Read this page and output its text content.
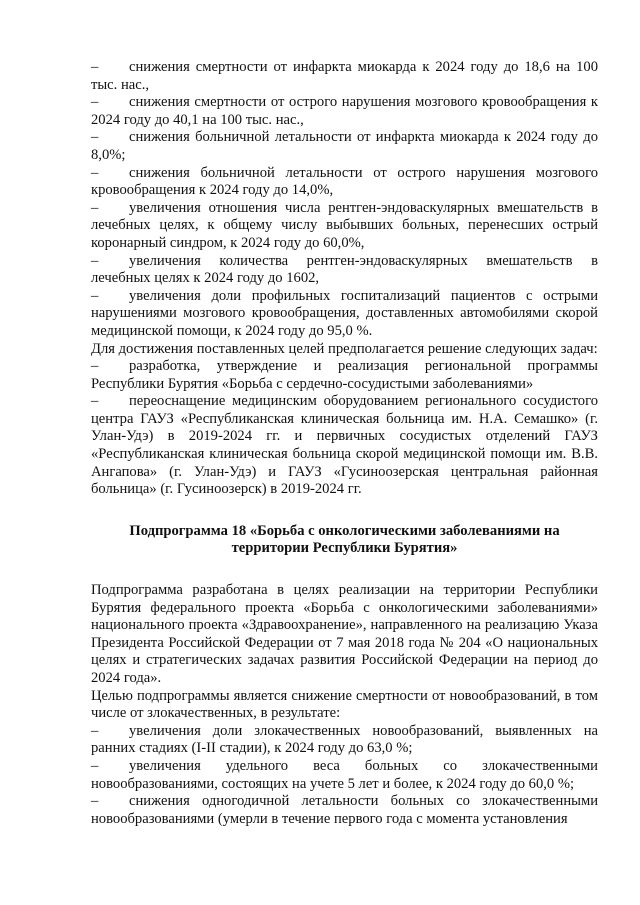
– снижения смертности от инфаркта миокарда к 2024 году до 18,6 на 100 тыс. нас.,

– снижения смертности от острого нарушения мозгового кровообращения к 2024 году до 40,1 на 100 тыс. нас.,

– снижения больничной летальности от инфаркта миокарда к 2024 году до 8,0%;

– снижения больничной летальности от острого нарушения мозгового кровообращения к 2024 году до 14,0%,

– увеличения отношения числа рентген-эндоваскулярных вмешательств в лечебных целях, к общему числу выбывших больных, перенесших острый коронарный синдром, к 2024 году до 60,0%,

– увеличения количества рентген-эндоваскулярных вмешательств в лечебных целях к 2024 году до 1602,

– увеличения доли профильных госпитализаций пациентов с острыми нарушениями мозгового кровообращения, доставленных автомобилями скорой медицинской помощи, к 2024 году до 95,0 %.

Для достижения поставленных целей предполагается решение следующих задач:

– разработка, утверждение и реализация региональной программы Республики Бурятия «Борьба с сердечно-сосудистыми заболеваниями»

– переоснащение медицинским оборудованием регионального сосудистого центра ГАУЗ «Республиканская клиническая больница им. Н.А. Семашко» (г. Улан-Удэ) в 2019-2024 гг. и первичных сосудистых отделений ГАУЗ «Республиканская клиническая больница скорой медицинской помощи им. В.В. Ангапова» (г. Улан-Удэ) и ГАУЗ «Гусиноозерская центральная районная больница» (г. Гусиноозерск) в 2019-2024 гг.

Подпрограмма 18 «Борьба с онкологическими заболеваниями на территории Республики Бурятия»

Подпрограмма разработана в целях реализации на территории Республики Бурятия федерального проекта «Борьба с онкологическими заболеваниями» национального проекта «Здравоохранение», направленного на реализацию Указа Президента Российской Федерации от 7 мая 2018 года № 204 «О национальных целях и стратегических задачах развития Российской Федерации на период до 2024 года».

Целью подпрограммы является снижение смертности от новообразований, в том числе от злокачественных, в результате:

– увеличения доли злокачественных новообразований, выявленных на ранних стадиях (I-II стадии), к 2024 году до 63,0 %;

– увеличения удельного веса больных со злокачественными новообразованиями, состоящих на учете 5 лет и более, к 2024 году до 60,0 %;

– снижения одногодичной летальности больных со злокачественными новообразованиями (умерли в течение первого года с момента установления
